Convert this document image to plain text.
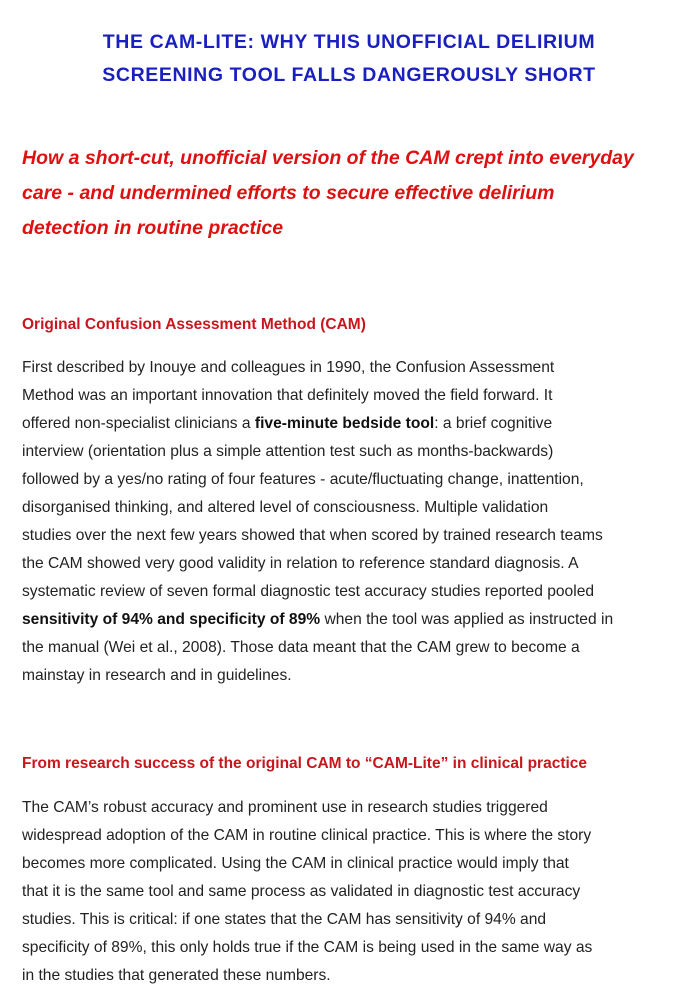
THE CAM-LITE: WHY THIS UNOFFICIAL DELIRIUM
SCREENING TOOL FALLS DANGEROUSLY SHORT
How a short-cut, unofficial version of the CAM crept into everyday
care - and undermined efforts to secure effective delirium
detection in routine practice
Original Confusion Assessment Method (CAM)

First described by Inouye and colleagues in 1990, the Confusion Assessment
Method was an important innovation that definitely moved the field forward. It
offered non-specialist clinicians a five-minute bedside tool: a brief cognitive
interview (orientation plus a simple attention test such as months-backwards)
followed by a yes/no rating of four features - acute/fluctuating change, inattention,
disorganised thinking, and altered level of consciousness. Multiple validation
studies over the next few years showed that when scored by trained research teams
the CAM showed very good validity in relation to reference standard diagnosis. A
systematic review of seven formal diagnostic test accuracy studies reported pooled
sensitivity of 94% and specificity of 89% when the tool was applied as instructed in
the manual (Wei et al., 2008). Those data meant that the CAM grew to become a
mainstay in research and in guidelines.

From research success of the original CAM to “CAM-Lite” in clinical practice

The CAM’s robust accuracy and prominent use in research studies triggered
widespread adoption of the CAM in routine clinical practice. This is where the story
becomes more complicated. Using the CAM in clinical practice would imply that
that it is the same tool and same process as validated in diagnostic test accuracy
studies. This is critical: if one states that the CAM has sensitivity of 94% and
specificity of 89%, this only holds true if the CAM is being used in the same way as
in the studies that generated these numbers.
